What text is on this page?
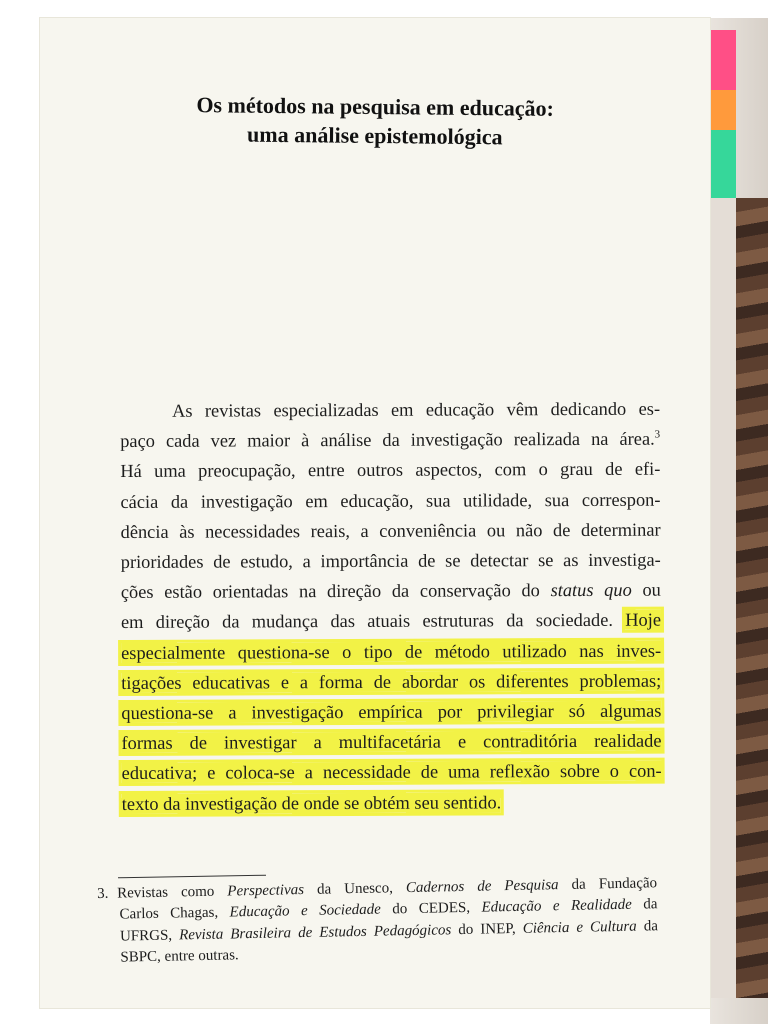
Os métodos na pesquisa em educação:
uma análise epistemológica
As revistas especializadas em educação vêm dedicando es-
paço cada vez maior à análise da investigação realizada na área.$^3$
Há uma preocupação, entre outros aspectos, com o grau de efi-
cácia da investigação em educação, sua utilidade, sua correspon-
dência às necessidades reais, a conveniência ou não de determinar
prioridades de estudo, a importância de se detectar se as investiga-
ções estão orientadas na direção da conservação do status quo ou
em direção da mudança das atuais estruturas da sociedade. Hoje
especialmente questiona-se o tipo de método utilizado nas inves-
tigações educativas e a forma de abordar os diferentes problemas;
questiona-se a investigação empírica por privilegiar só algumas
formas de investigar a multifacetária e contraditória realidade
educativa; e coloca-se a necessidade de uma reflexão sobre o con-
texto da investigação de onde se obtém seu sentido.
3. Revistas como Perspectivas da Unesco, Cadernos de Pesquisa da Fundação
Carlos Chagas, Educação e Sociedade do CEDES, Educação e Realidade da
UFRGS, Revista Brasileira de Estudos Pedagógicos do INEP, Ciência e Cultura da
SBPC, entre outras.
